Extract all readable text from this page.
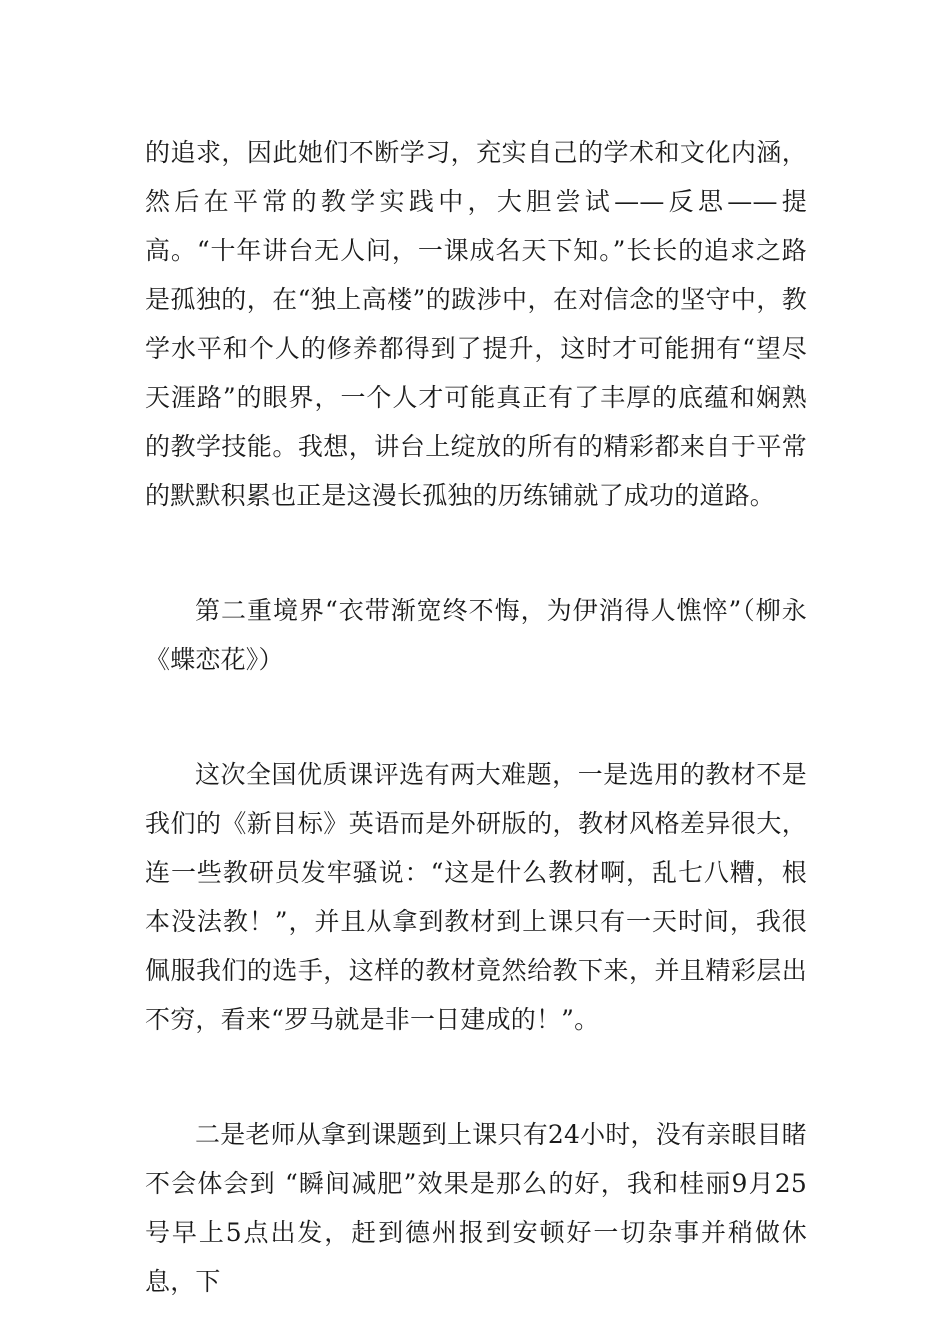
的追求，因此她们不断学习，充实自己的学术和文化内涵，然后在平常的教学实践中，大胆尝试——反思——提高。“十年讲台无人问，一课成名天下知。”长长的追求之路是孤独的，在“独上高楼”的跋涉中，在对信念的坚守中，教学水平和个人的修养都得到了提升，这时才可能拥有“望尽天涯路”的眼界，一个人才可能真正有了丰厚的底蕴和娴熟的教学技能。我想，讲台上绽放的所有的精彩都来自于平常的默默积累也正是这漫长孤独的历练铺就了成功的道路。

第二重境界“衣带渐宽终不悔，为伊消得人憔悴”（柳永《蝶恋花》）

这次全国优质课评选有两大难题，一是选用的教材不是我们的《新目标》英语而是外研版的，教材风格差异很大，连一些教研员发牢骚说：“这是什么教材啊，乱七八糟，根本没法教！”，并且从拿到教材到上课只有一天时间，我很佩服我们的选手，这样的教材竟然给教下来，并且精彩层出不穷，看来“罗马就是非一日建成的！”。

二是老师从拿到课题到上课只有24小时，没有亲眼目睹不会体会到 “瞬间减肥”效果是那么的好，我和桂丽9月25号早上5点出发，赶到德州报到安顿好一切杂事并稍做休息，下
